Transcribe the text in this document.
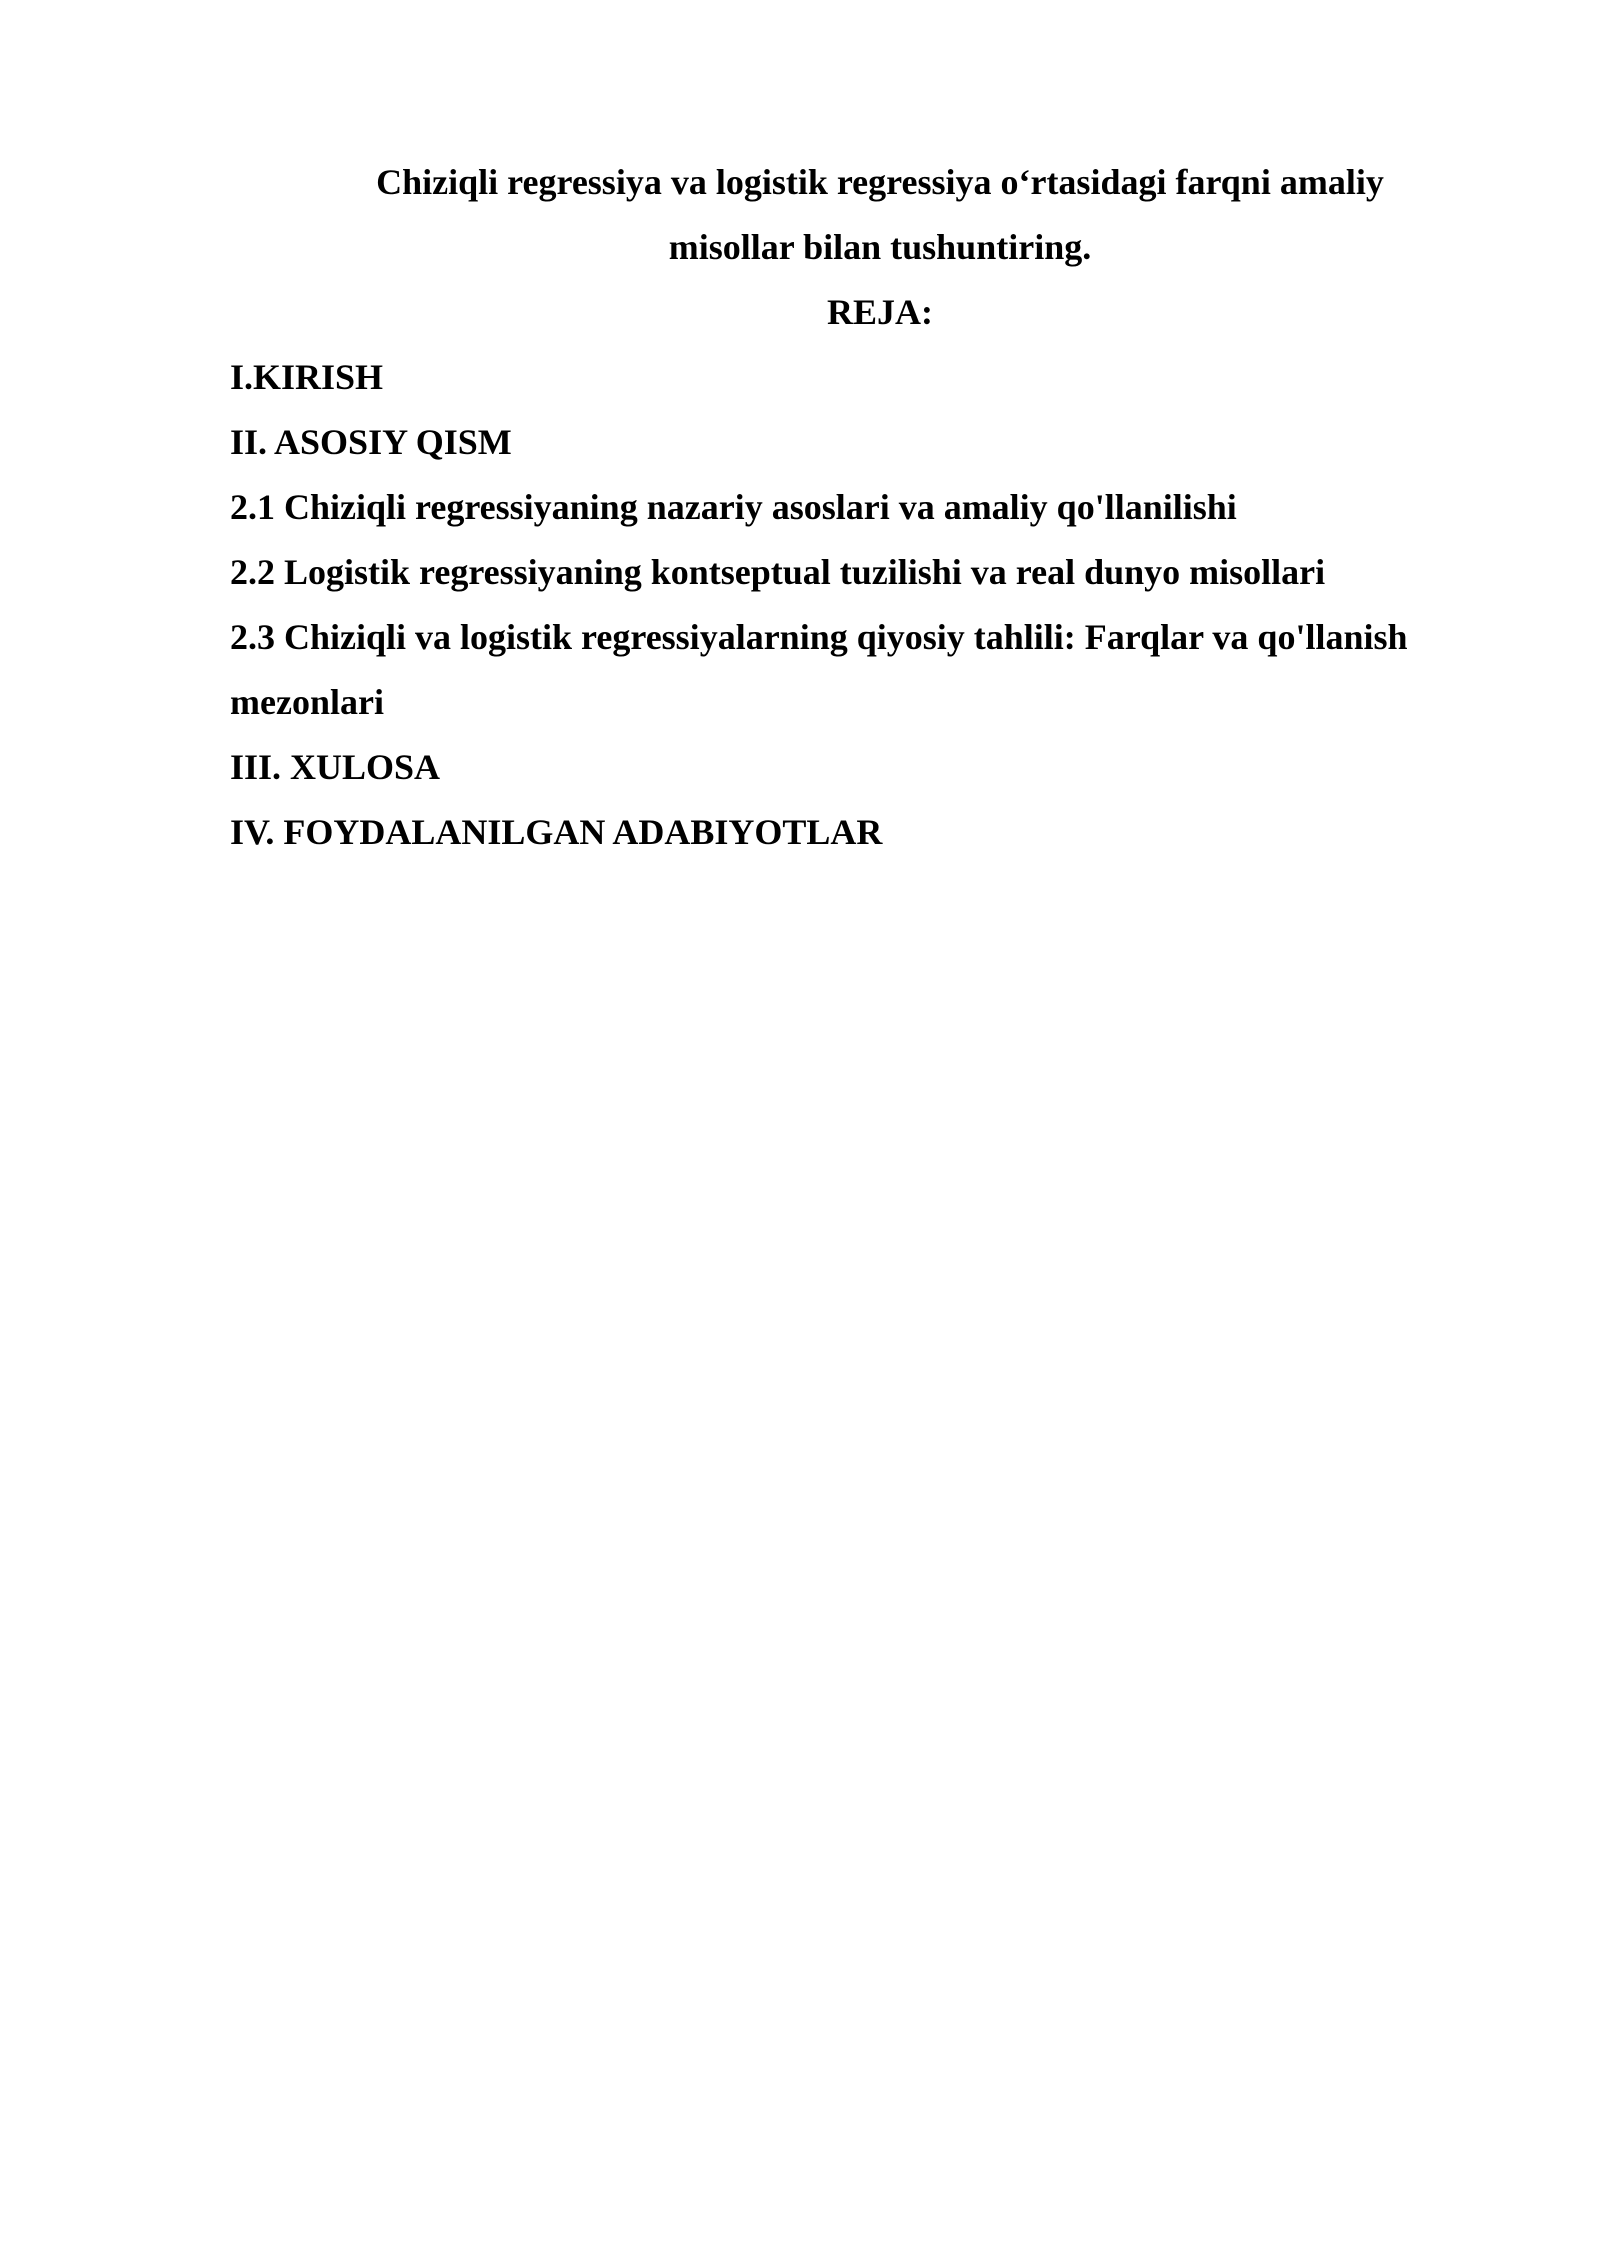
Chiziqli regressiya va logistik regressiya o‘rtasidagi farqni amaliy
misollar bilan tushuntiring.
REJA:
I.KIRISH
II. ASOSIY QISM
2.1 Chiziqli regressiyaning nazariy asoslari va amaliy qo'llanilishi
2.2 Logistik regressiyaning kontseptual tuzilishi va real dunyo misollari
2.3 Chiziqli va logistik regressiyalarning qiyosiy tahlili: Farqlar va qo'llanish mezonlari
III. XULOSA
IV. FOYDALANILGAN ADABIYOTLAR
